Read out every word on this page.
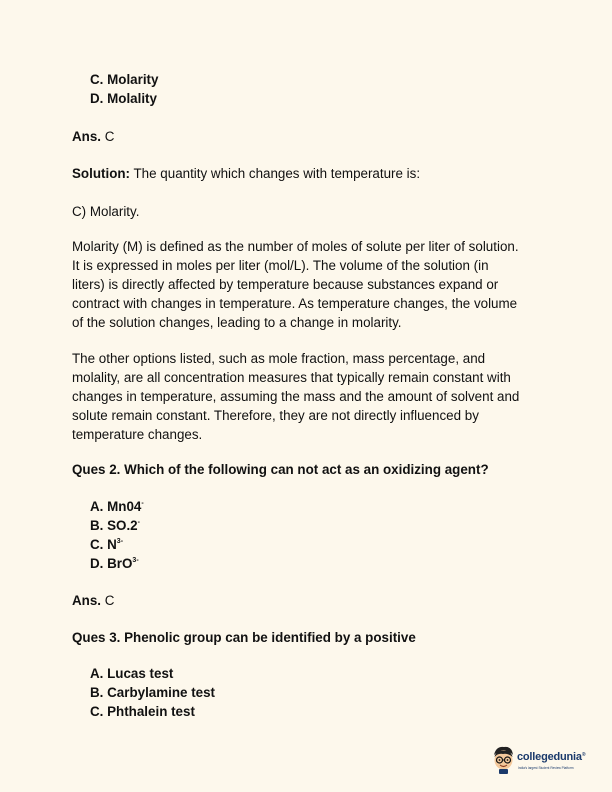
C. Molarity
D. Molality
Ans. C
Solution: The quantity which changes with temperature is:
C) Molarity.
Molarity (M) is defined as the number of moles of solute per liter of solution.
It is expressed in moles per liter (mol/L). The volume of the solution (in
liters) is directly affected by temperature because substances expand or
contract with changes in temperature. As temperature changes, the volume
of the solution changes, leading to a change in molarity.
The other options listed, such as mole fraction, mass percentage, and
molality, are all concentration measures that typically remain constant with
changes in temperature, assuming the mass and the amount of solvent and
solute remain constant. Therefore, they are not directly influenced by
temperature changes.
Ques 2. Which of the following can not act as an oxidizing agent?
A. Mn04-
B. SO.2-
C. $N^{3-}$
D. BrO$^{3-}$
Ans. C
Ques 3. Phenolic group can be identified by a positive
A. Lucas test
B. Carbylamine test
C. Phthalein test
collegedunia®
India's largest Student Review Platform
